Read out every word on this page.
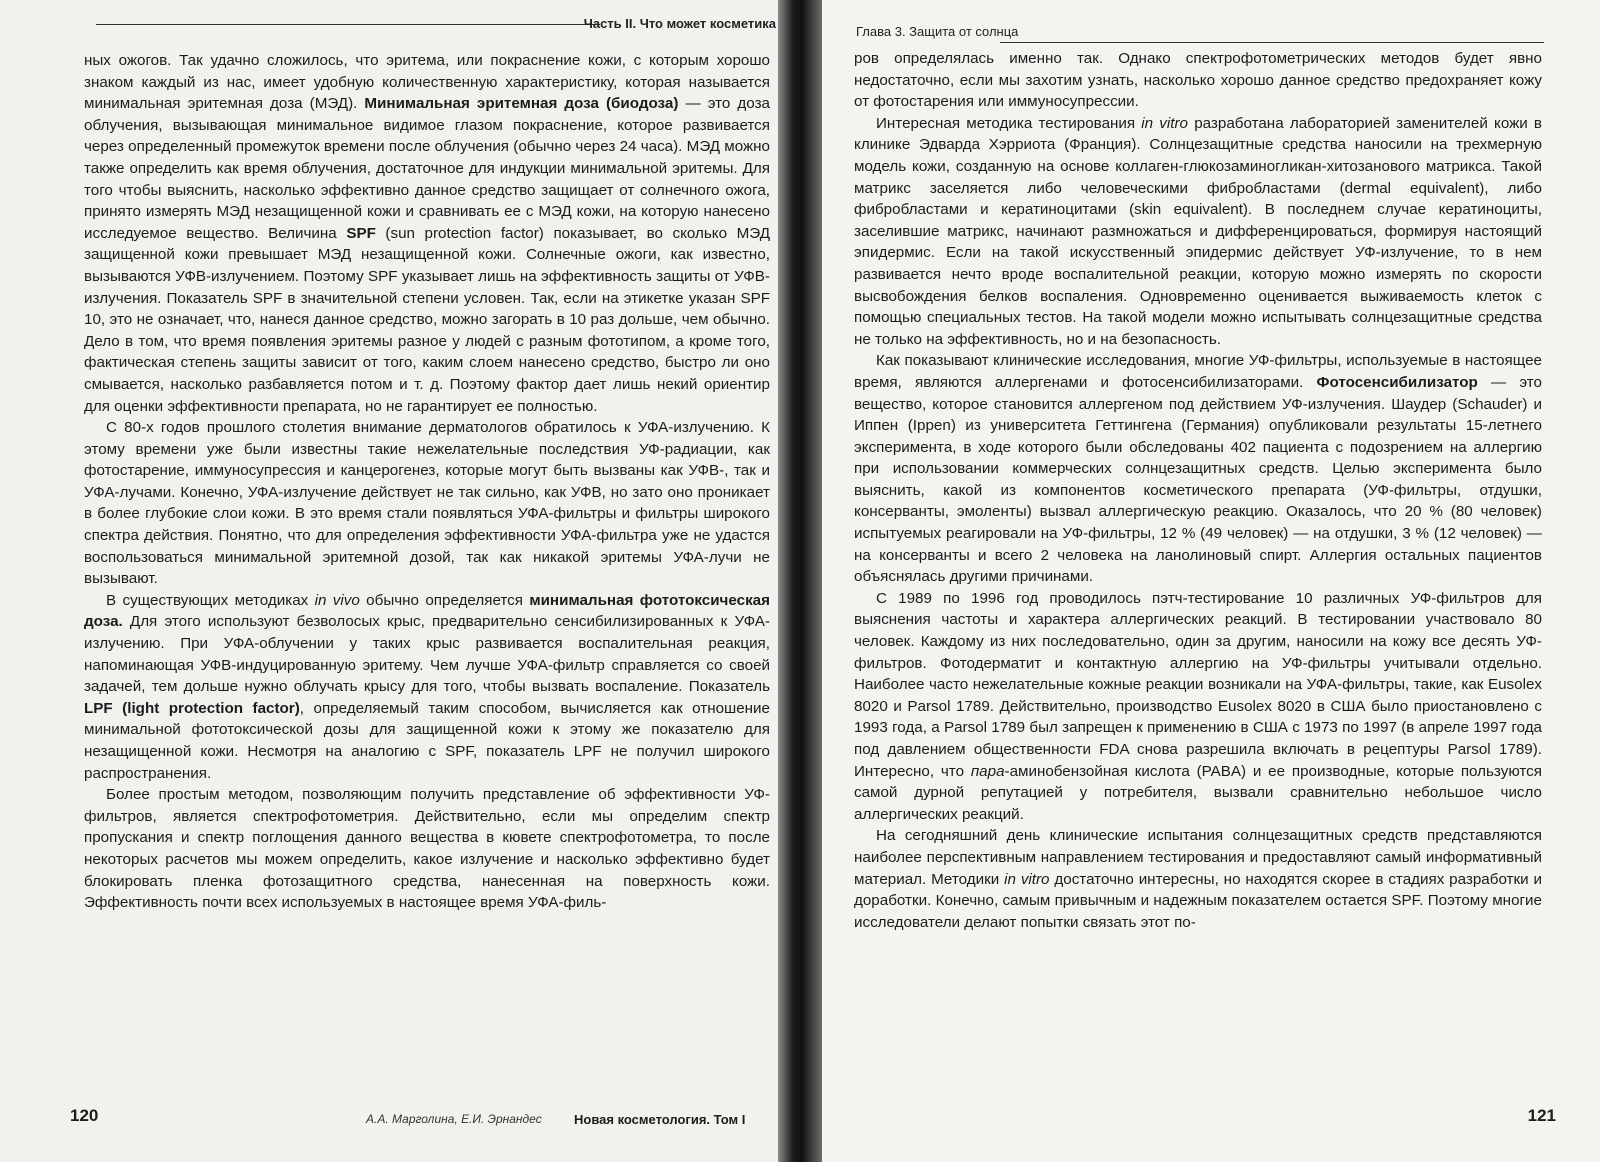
Часть II. Что может косметика

ных ожогов. Так удачно сложилось, что эритема, или покраснение кожи, с которым хорошо знаком каждый из нас, имеет удобную количественную характеристику, которая называется минимальная эритемная доза (МЭД). Минимальная эритемная доза (биодоза) — это доза облучения, вызывающая минимальное видимое глазом покраснение, которое развивается через определенный промежуток времени после облучения (обычно через 24 часа). МЭД можно также определить как время облучения, достаточное для индукции минимальной эритемы. Для того чтобы выяснить, насколько эффективно данное средство защищает от солнечного ожога, принято измерять МЭД незащищенной кожи и сравнивать ее с МЭД кожи, на которую нанесено исследуемое вещество. Величина SPF (sun protection factor) показывает, во сколько МЭД защищенной кожи превышает МЭД незащищенной кожи. Солнечные ожоги, как известно, вызываются УФВ-излучением. Поэтому SPF указывает лишь на эффективность защиты от УФВ-излучения. Показатель SPF в значительной степени условен. Так, если на этикетке указан SPF 10, это не означает, что, нанеся данное средство, можно загорать в 10 раз дольше, чем обычно. Дело в том, что время появления эритемы разное у людей с разным фототипом, а кроме того, фактическая степень защиты зависит от того, каким слоем нанесено средство, быстро ли оно смывается, насколько разбавляется потом и т. д. Поэтому фактор дает лишь некий ориентир для оценки эффективности препарата, но не гарантирует ее полностью.

С 80-х годов прошлого столетия внимание дерматологов обратилось к УФА-излучению. К этому времени уже были известны такие нежелательные последствия УФ-радиации, как фотостарение, иммуносупрессия и канцерогенез, которые могут быть вызваны как УФВ-, так и УФА-лучами. Конечно, УФА-излучение действует не так сильно, как УФВ, но зато оно проникает в более глубокие слои кожи. В это время стали появляться УФА-фильтры и фильтры широкого спектра действия. Понятно, что для определения эффективности УФА-фильтра уже не удастся воспользоваться минимальной эритемной дозой, так как никакой эритемы УФА-лучи не вызывают.

В существующих методиках in vivo обычно определяется минимальная фототоксическая доза. Для этого используют безволосых крыс, предварительно сенсибилизированных к УФА-излучению. При УФА-облучении у таких крыс развивается воспалительная реакция, напоминающая УФВ-индуцированную эритему. Чем лучше УФА-фильтр справляется со своей задачей, тем дольше нужно облучать крысу для того, чтобы вызвать воспаление. Показатель LPF (light protection factor), определяемый таким способом, вычисляется как отношение минимальной фототоксической дозы для защищенной кожи к этому же показателю для незащищенной кожи. Несмотря на аналогию с SPF, показатель LPF не получил широкого распространения.

Более простым методом, позволяющим получить представление об эффективности УФ-фильтров, является спектрофотометрия. Действительно, если мы определим спектр пропускания и спектр поглощения данного вещества в кювете спектрофотометра, то после некоторых расчетов мы можем определить, какое излучение и насколько эффективно будет блокировать пленка фотозащитного средства, нанесенная на поверхность кожи. Эффективность почти всех используемых в настоящее время УФА-филь-

120	А.А. Марголина, Е.И. Эрнандес Новая косметология. Том I
Глава 3. Защита от солнца

ров определялась именно так. Однако спектрофотометрических методов будет явно недостаточно, если мы захотим узнать, насколько хорошо данное средство предохраняет кожу от фотостарения или иммуносупрессии.

Интересная методика тестирования in vitro разработана лабораторией заменителей кожи в клинике Эдварда Хэрриота (Франция). Солнцезащитные средства наносили на трехмерную модель кожи, созданную на основе коллаген-глюкозаминогликан-хитозанового матрикса. Такой матрикс заселяется либо человеческими фибробластами (dermal equivalent), либо фибробластами и кератиноцитами (skin equivalent). В последнем случае кератиноциты, заселившие матрикс, начинают размножаться и дифференцироваться, формируя настоящий эпидермис. Если на такой искусственный эпидермис действует УФ-излучение, то в нем развивается нечто вроде воспалительной реакции, которую можно измерять по скорости высвобождения белков воспаления. Одновременно оценивается выживаемость клеток с помощью специальных тестов. На такой модели можно испытывать солнцезащитные средства не только на эффективность, но и на безопасность.

Как показывают клинические исследования, многие УФ-фильтры, используемые в настоящее время, являются аллергенами и фотосенсибилизаторами. Фотосенсибилизатор — это вещество, которое становится аллергеном под действием УФ-излучения. Шаудер (Schauder) и Иппен (Ippen) из университета Геттингена (Германия) опубликовали результаты 15-летнего эксперимента, в ходе которого были обследованы 402 пациента с подозрением на аллергию при использовании коммерческих солнцезащитных средств. Целью эксперимента было выяснить, какой из компонентов косметического препарата (УФ-фильтры, отдушки, консерванты, эмоленты) вызвал аллергическую реакцию. Оказалось, что 20 % (80 человек) испытуемых реагировали на УФ-фильтры, 12 % (49 человек) — на отдушки, 3 % (12 человек) — на консерванты и всего 2 человека на ланолиновый спирт. Аллергия остальных пациентов объяснялась другими причинами.

С 1989 по 1996 год проводилось пэтч-тестирование 10 различных УФ-фильтров для выяснения частоты и характера аллергических реакций. В тестировании участвовало 80 человек. Каждому из них последовательно, один за другим, наносили на кожу все десять УФ-фильтров. Фотодерматит и контактную аллергию на УФ-фильтры учитывали отдельно. Наиболее часто нежелательные кожные реакции возникали на УФА-фильтры, такие, как Eusolex 8020 и Parsol 1789. Действительно, производство Eusolex 8020 в США было приостановлено с 1993 года, а Parsol 1789 был запрещен к применению в США с 1973 по 1997 (в апреле 1997 года под давлением общественности FDA снова разрешила включать в рецептуры Parsol 1789). Интересно, что пара-аминобензойная кислота (PABA) и ее производные, которые пользуются самой дурной репутацией у потребителя, вызвали сравнительно небольшое число аллергических реакций.

На сегодняшний день клинические испытания солнцезащитных средств представляются наиболее перспективным направлением тестирования и предоставляют самый информативный материал. Методики in vitro достаточно интересны, но находятся скорее в стадиях разработки и доработки. Конечно, самым привычным и надежным показателем остается SPF. Поэтому многие исследователи делают попытки связать этот по-

121
